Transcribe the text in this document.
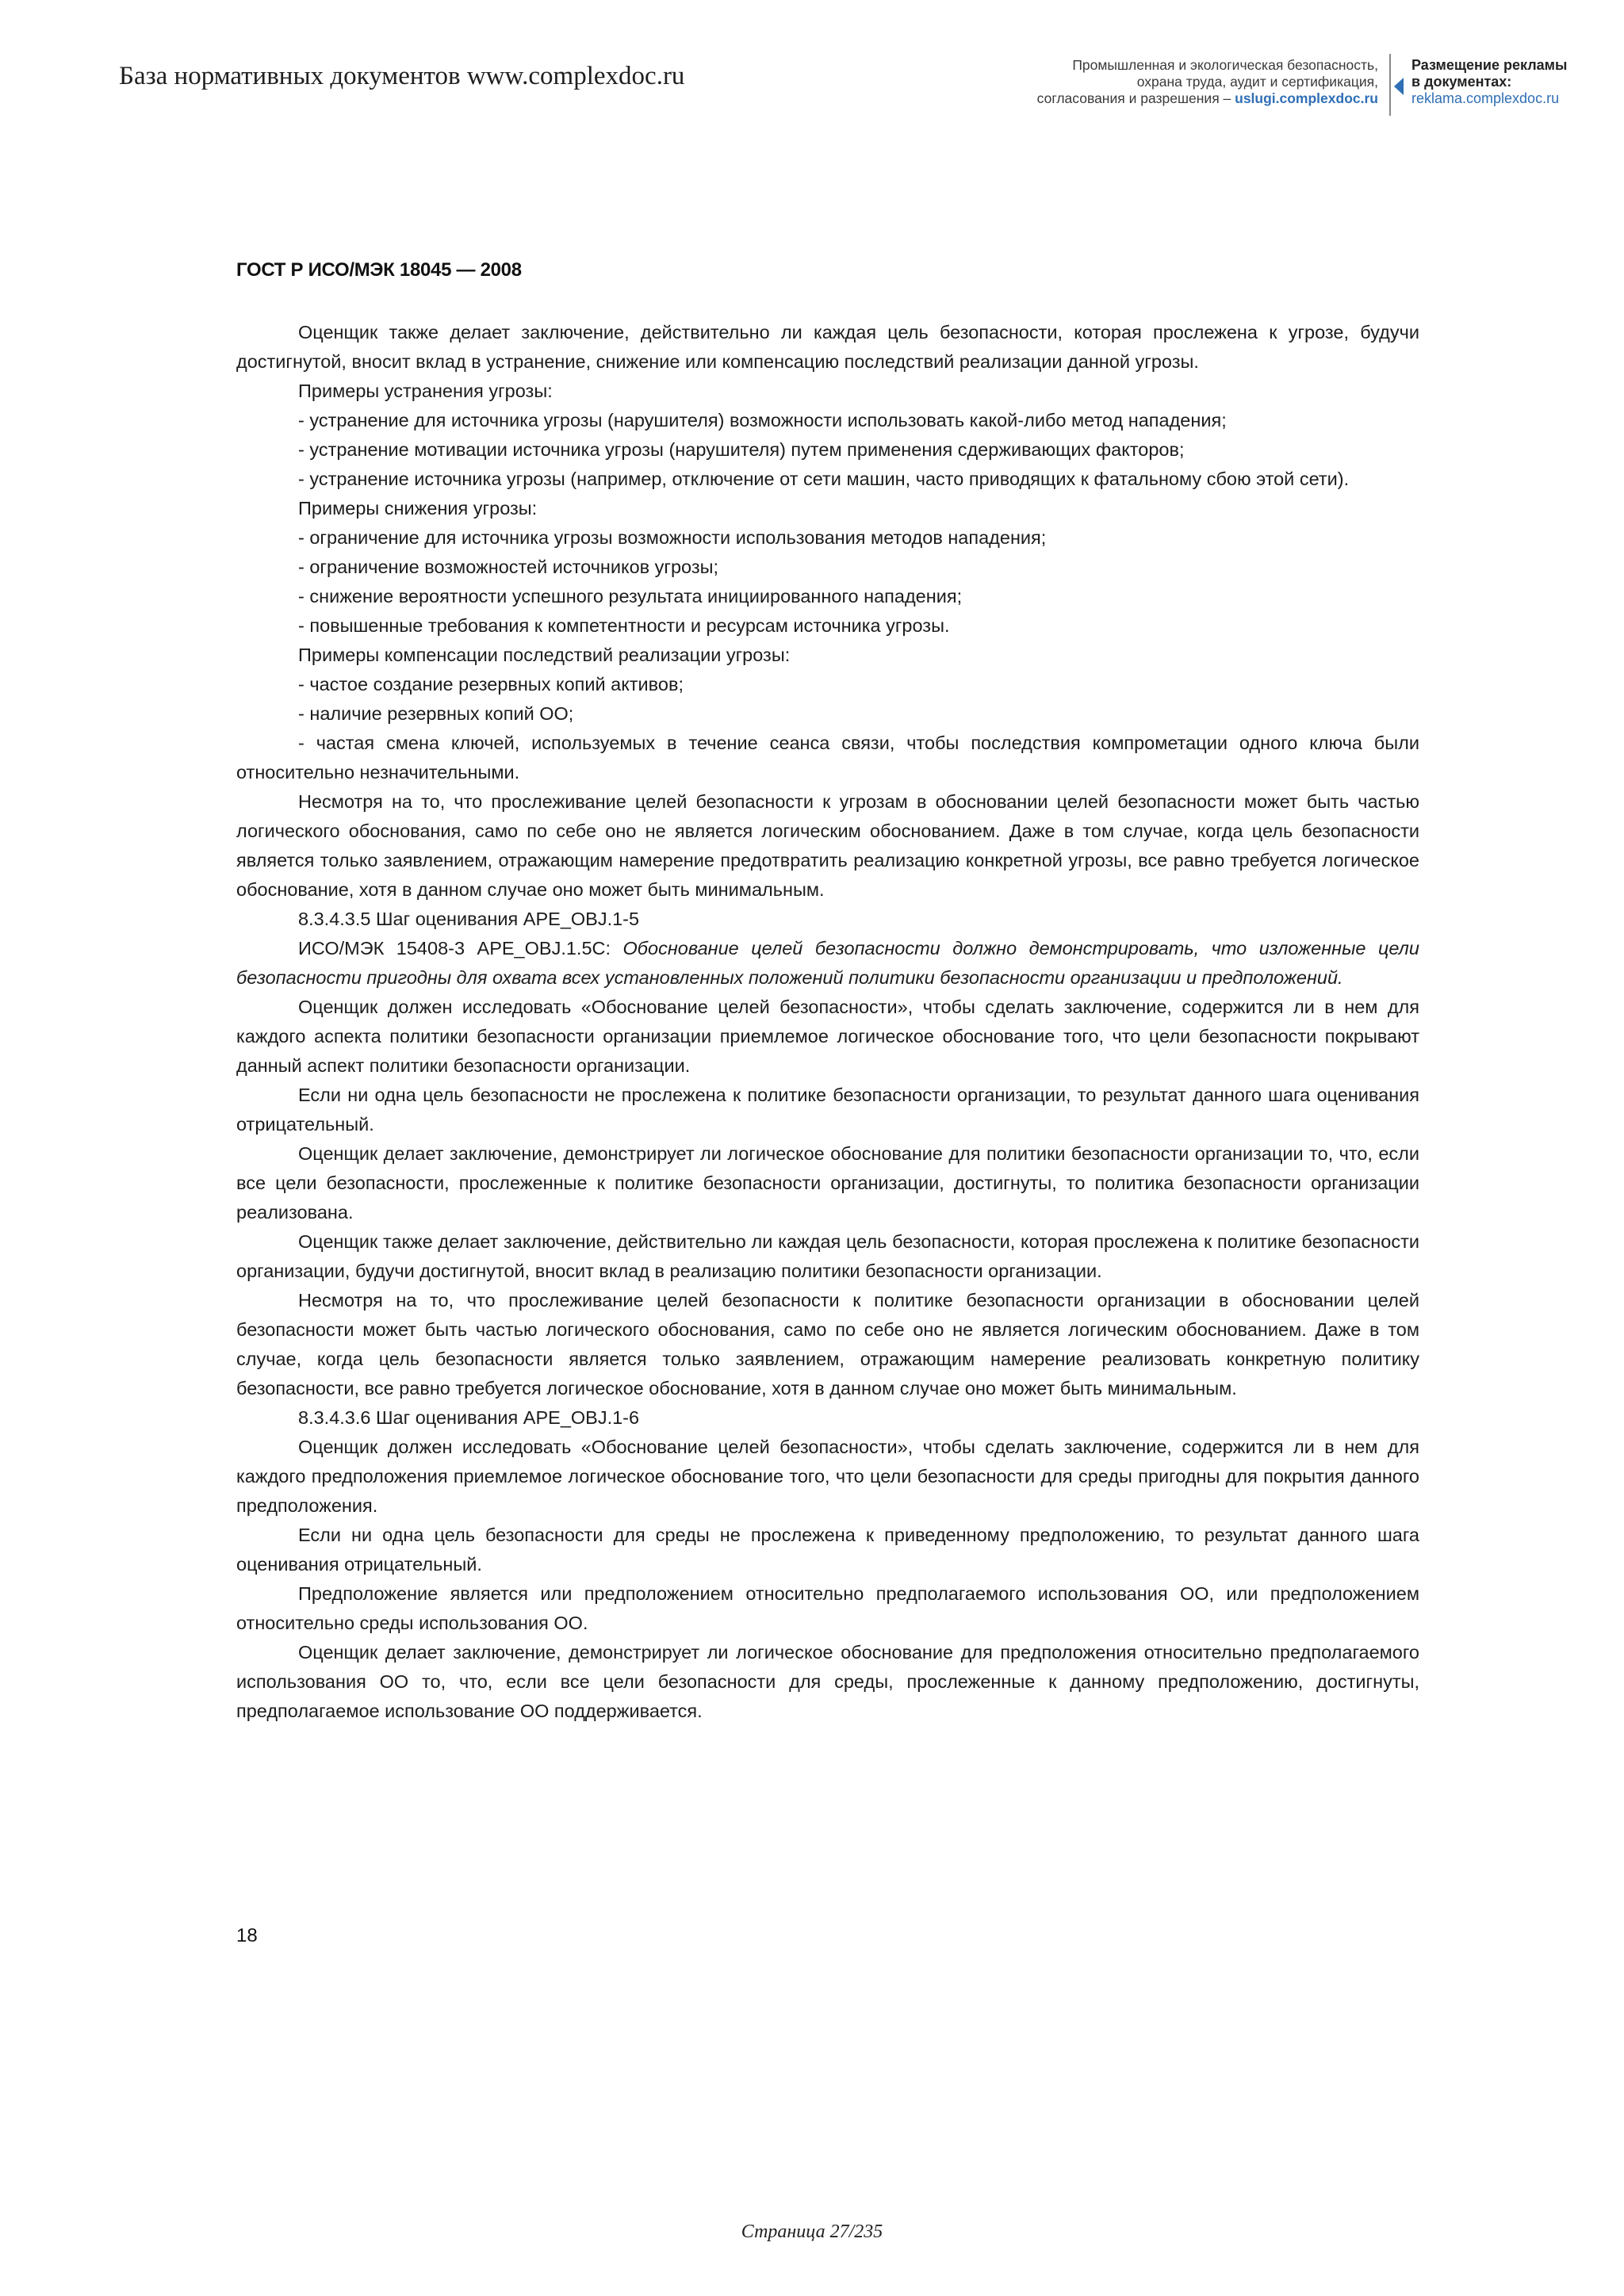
База нормативных документов www.complexdoc.ru	Промышленная и экологическая безопасность,
охрана труда, аудит и сертификация,
согласования и разрешения – uslugi.complexdoc.ru
Размещение рекламы
в документах:
reklama.complexdoc.ru
ГОСТ Р ИСО/МЭК 18045 — 2008

Оценщик также делает заключение, действительно ли каждая цель безопасности, которая прослежена к угрозе, будучи достигнутой, вносит вклад в устранение, снижение или компенсацию последствий реализации данной угрозы.

Примеры устранения угрозы:

- устранение для источника угрозы (нарушителя) возможности использовать какой-либо метод нападения;

- устранение мотивации источника угрозы (нарушителя) путем применения сдерживающих факторов;

- устранение источника угрозы (например, отключение от сети машин, часто приводящих к фатальному сбою этой сети).

Примеры снижения угрозы:

- ограничение для источника угрозы возможности использования методов нападения;

- ограничение возможностей источников угрозы;

- снижение вероятности успешного результата инициированного нападения;

- повышенные требования к компетентности и ресурсам источника угрозы.

Примеры компенсации последствий реализации угрозы:

- частое создание резервных копий активов;

- наличие резервных копий ОО;

- частая смена ключей, используемых в течение сеанса связи, чтобы последствия компрометации одного ключа были относительно незначительными.

Несмотря на то, что прослеживание целей безопасности к угрозам в обосновании целей безопасности может быть частью логического обоснования, само по себе оно не является логическим обоснованием. Даже в том случае, когда цель безопасности является только заявлением, отражающим намерение предотвратить реализацию конкретной угрозы, все равно требуется логическое обоснование, хотя в данном случае оно может быть минимальным.

8.3.4.3.5 Шаг оценивания APE_OBJ.1-5

ИСО/МЭК 15408-3 APE_OBJ.1.5C: Обоснование целей безопасности должно демонстрировать, что изложенные цели безопасности пригодны для охвата всех установленных положений политики безопасности организации и предположений.

Оценщик должен исследовать «Обоснование целей безопасности», чтобы сделать заключение, содержится ли в нем для каждого аспекта политики безопасности организации приемлемое логическое обоснование того, что цели безопасности покрывают данный аспект политики безопасности организации.

Если ни одна цель безопасности не прослежена к политике безопасности организации, то результат данного шага оценивания отрицательный.

Оценщик делает заключение, демонстрирует ли логическое обоснование для политики безопасности организации то, что, если все цели безопасности, прослеженные к политике безопасности организации, достигнуты, то политика безопасности организации реализована.

Оценщик также делает заключение, действительно ли каждая цель безопасности, которая прослежена к политике безопасности организации, будучи достигнутой, вносит вклад в реализацию политики безопасности организации.

Несмотря на то, что прослеживание целей безопасности к политике безопасности организации в обосновании целей безопасности может быть частью логического обоснования, само по себе оно не является логическим обоснованием. Даже в том случае, когда цель безопасности является только заявлением, отражающим намерение реализовать конкретную политику безопасности, все равно требуется логическое обоснование, хотя в данном случае оно может быть минимальным.

8.3.4.3.6 Шаг оценивания APE_OBJ.1-6

Оценщик должен исследовать «Обоснование целей безопасности», чтобы сделать заключение, содержится ли в нем для каждого предположения приемлемое логическое обоснование того, что цели безопасности для среды пригодны для покрытия данного предположения.

Если ни одна цель безопасности для среды не прослежена к приведенному предположению, то результат данного шага оценивания отрицательный.

Предположение является или предположением относительно предполагаемого использования ОО, или предположением относительно среды использования ОО.

Оценщик делает заключение, демонстрирует ли логическое обоснование для предположения относительно предполагаемого использования ОО то, что, если все цели безопасности для среды, прослеженные к данному предположению, достигнуты, предполагаемое использование ОО поддерживается.

18
Страница 27/235
